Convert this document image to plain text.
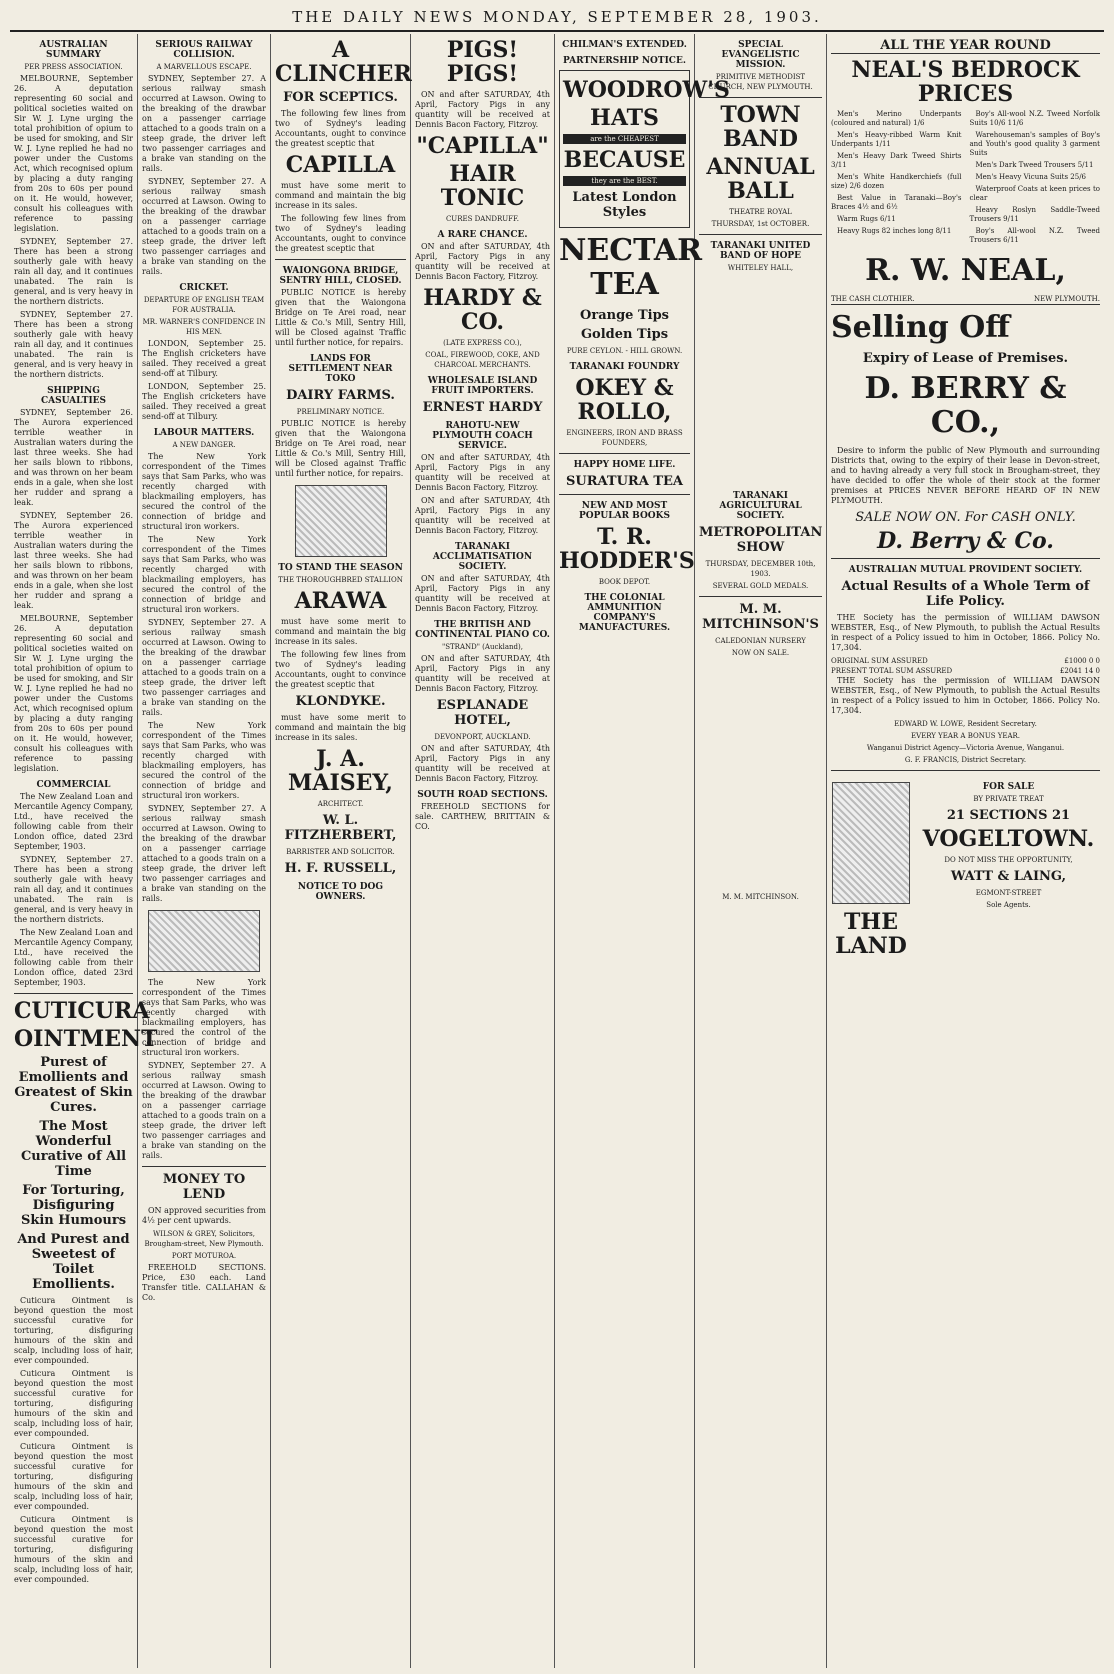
THE DAILY NEWS MONDAY, SEPTEMBER 28, 1903.
AUSTRALIAN SUMMARY
PER PRESS ASSOCIATION.

MELBOURNE, September 26. A deputation representing 60 social and political societies waited on Sir W. J. Lyne urging the total prohibition of opium to be used for smoking, and Sir W. J. Lyne replied he had no power under the Customs Act, which recognised opium by placing a duty ranging from 20s to 60s per pound on it. He would, however, consult his colleagues with reference to passing legislation.

SYDNEY, September 27. There has been a strong southerly gale with heavy rain all day, and it continues unabated. The rain is general, and is very heavy in the northern districts.

SYDNEY, September 27. There has been a strong southerly gale with heavy rain all day, and it continues unabated. The rain is general, and is very heavy in the northern districts.

SHIPPING CASUALTIES

SYDNEY, September 26. The Aurora experienced terrible weather in Australian waters during the last three weeks. She had her sails blown to ribbons, and was thrown on her beam ends in a gale, when she lost her rudder and sprang a leak.

SYDNEY, September 26. The Aurora experienced terrible weather in Australian waters during the last three weeks. She had her sails blown to ribbons, and was thrown on her beam ends in a gale, when she lost her rudder and sprang a leak.

MELBOURNE, September 26. A deputation representing 60 social and political societies waited on Sir W. J. Lyne urging the total prohibition of opium to be used for smoking, and Sir W. J. Lyne replied he had no power under the Customs Act, which recognised opium by placing a duty ranging from 20s to 60s per pound on it. He would, however, consult his colleagues with reference to passing legislation.

COMMERCIAL

The New Zealand Loan and Mercantile Agency Company, Ltd., have received the following cable from their London office, dated 23rd September, 1903.

SYDNEY, September 27. There has been a strong southerly gale with heavy rain all day, and it continues unabated. The rain is general, and is very heavy in the northern districts.

The New Zealand Loan and Mercantile Agency Company, Ltd., have received the following cable from their London office, dated 23rd September, 1903.

CUTICURA
OINTMENT
Purest of Emollients and Greatest of Skin Cures.
The Most Wonderful Curative of All Time
For Torturing, Disfiguring Skin Humours
And Purest and Sweetest of Toilet Emollients.

Cuticura Ointment is beyond question the most successful curative for torturing, disfiguring humours of the skin and scalp, including loss of hair, ever compounded.

Cuticura Ointment is beyond question the most successful curative for torturing, disfiguring humours of the skin and scalp, including loss of hair, ever compounded.

Cuticura Ointment is beyond question the most successful curative for torturing, disfiguring humours of the skin and scalp, including loss of hair, ever compounded.

Cuticura Ointment is beyond question the most successful curative for torturing, disfiguring humours of the skin and scalp, including loss of hair, ever compounded.

SERIOUS RAILWAY COLLISION.
A MARVELLOUS ESCAPE.

SYDNEY, September 27. A serious railway smash occurred at Lawson. Owing to the breaking of the drawbar on a passenger carriage attached to a goods train on a steep grade, the driver left two passenger carriages and a brake van standing on the rails.

SYDNEY, September 27. A serious railway smash occurred at Lawson. Owing to the breaking of the drawbar on a passenger carriage attached to a goods train on a steep grade, the driver left two passenger carriages and a brake van standing on the rails.

CRICKET.
DEPARTURE OF ENGLISH TEAM FOR AUSTRALIA.
MR. WARNER'S CONFIDENCE IN HIS MEN.

LONDON, September 25. The English cricketers have sailed. They received a great send-off at Tilbury.

LONDON, September 25. The English cricketers have sailed. They received a great send-off at Tilbury.

LABOUR MATTERS.
A NEW DANGER.

The New York correspondent of the Times says that Sam Parks, who was recently charged with blackmailing employers, has secured the control of the connection of bridge and structural iron workers.

The New York correspondent of the Times says that Sam Parks, who was recently charged with blackmailing employers, has secured the control of the connection of bridge and structural iron workers.

SYDNEY, September 27. A serious railway smash occurred at Lawson. Owing to the breaking of the drawbar on a passenger carriage attached to a goods train on a steep grade, the driver left two passenger carriages and a brake van standing on the rails.

The New York correspondent of the Times says that Sam Parks, who was recently charged with blackmailing employers, has secured the control of the connection of bridge and structural iron workers.

SYDNEY, September 27. A serious railway smash occurred at Lawson. Owing to the breaking of the drawbar on a passenger carriage attached to a goods train on a steep grade, the driver left two passenger carriages and a brake van standing on the rails.

The New York correspondent of the Times says that Sam Parks, who was recently charged with blackmailing employers, has secured the control of the connection of bridge and structural iron workers.

SYDNEY, September 27. A serious railway smash occurred at Lawson. Owing to the breaking of the drawbar on a passenger carriage attached to a goods train on a steep grade, the driver left two passenger carriages and a brake van standing on the rails.

MONEY TO LEND

ON approved securities from 4½ per cent upwards.

WILSON & GREY, Solicitors, Brougham-street, New Plymouth.
PORT MOTUROA.

FREEHOLD SECTIONS. Price, £30 each. Land Transfer title. CALLAHAN & Co.

A CLINCHER
FOR SCEPTICS.

The following few lines from two of Sydney's leading Accountants, ought to convince the greatest sceptic that

CAPILLA

must have some merit to command and maintain the big increase in its sales.

The following few lines from two of Sydney's leading Accountants, ought to convince the greatest sceptic that

WAIONGONA BRIDGE, SENTRY HILL, CLOSED.

PUBLIC NOTICE is hereby given that the Waiongona Bridge on Te Arei road, near Little & Co.'s Mill, Sentry Hill, will be Closed against Traffic until further notice, for repairs.

LANDS FOR SETTLEMENT NEAR TOKO
DAIRY FARMS.
PRELIMINARY NOTICE.

PUBLIC NOTICE is hereby given that the Waiongona Bridge on Te Arei road, near Little & Co.'s Mill, Sentry Hill, will be Closed against Traffic until further notice, for repairs.

TO STAND THE SEASON
THE THOROUGHBRED STALLION
ARAWA

must have some merit to command and maintain the big increase in its sales.

The following few lines from two of Sydney's leading Accountants, ought to convince the greatest sceptic that

KLONDYKE.

must have some merit to command and maintain the big increase in its sales.

J. A. MAISEY,
ARCHITECT.
W. L. FITZHERBERT,
BARRISTER AND SOLICITOR.
H. F. RUSSELL,
NOTICE TO DOG OWNERS.
PIGS! PIGS!

ON and after SATURDAY, 4th April, Factory Pigs in any quantity will be received at Dennis Bacon Factory, Fitzroy.

"CAPILLA"
HAIR TONIC
CURES DANDRUFF.
A RARE CHANCE.

ON and after SATURDAY, 4th April, Factory Pigs in any quantity will be received at Dennis Bacon Factory, Fitzroy.

HARDY & CO.
(LATE EXPRESS CO.),
COAL, FIREWOOD, COKE, AND CHARCOAL MERCHANTS.
WHOLESALE ISLAND FRUIT IMPORTERS.
ERNEST HARDY
RAHOTU-NEW PLYMOUTH COACH SERVICE.

ON and after SATURDAY, 4th April, Factory Pigs in any quantity will be received at Dennis Bacon Factory, Fitzroy.

ON and after SATURDAY, 4th April, Factory Pigs in any quantity will be received at Dennis Bacon Factory, Fitzroy.

TARANAKI ACCLIMATISATION SOCIETY.

ON and after SATURDAY, 4th April, Factory Pigs in any quantity will be received at Dennis Bacon Factory, Fitzroy.

THE BRITISH AND CONTINENTAL PIANO CO.
"STRAND" (Auckland),

ON and after SATURDAY, 4th April, Factory Pigs in any quantity will be received at Dennis Bacon Factory, Fitzroy.

ESPLANADE HOTEL,
DEVONPORT, AUCKLAND.

ON and after SATURDAY, 4th April, Factory Pigs in any quantity will be received at Dennis Bacon Factory, Fitzroy.

SOUTH ROAD SECTIONS.

FREEHOLD SECTIONS for sale. CARTHEW, BRITTAIN & CO.

CHILMAN'S EXTENDED.
PARTNERSHIP NOTICE.
WOODROW'S
HATS
are the CHEAPEST
BECAUSE
they are the BEST.
Latest London Styles
NECTAR TEA
Orange Tips
Golden Tips
PURE CEYLON. - HILL GROWN.
TARANAKI FOUNDRY
OKEY & ROLLO,
ENGINEERS, IRON AND BRASS FOUNDERS,
HAPPY HOME LIFE.
SURATURA TEA
NEW AND MOST POPULAR BOOKS
T. R. HODDER'S
BOOK DEPOT.
THE COLONIAL AMMUNITION COMPANY'S MANUFACTURES.
SPECIAL EVANGELISTIC MISSION.
PRIMITIVE METHODIST CHURCH, NEW PLYMOUTH.
TOWN BAND
ANNUAL BALL
THEATRE ROYAL
THURSDAY, 1st OCTOBER.
TARANAKI UNITED BAND OF HOPE
WHITELEY HALL,
TARANAKI AGRICULTURAL SOCIETY.
METROPOLITAN SHOW
THURSDAY, DECEMBER 10th, 1903.
SEVERAL GOLD MEDALS.
M. M. MITCHINSON'S
CALEDONIAN NURSERY
NOW ON SALE.
M. M. MITCHINSON.
ALL THE YEAR ROUND
NEAL'S BEDROCK PRICES

Men's Merino Underpants (coloured and natural) 1/6

Men's Heavy-ribbed Warm Knit Underpants 1/11

Men's Heavy Dark Tweed Shirts 3/11

Men's White Handkerchiefs (full size) 2/6 dozen

Best Value in Taranaki—Boy's Braces 4½ and 6½

Warm Rugs 6/11

Heavy Rugs 82 inches long 8/11

Boy's All-wool N.Z. Tweed Norfolk Suits 10/6 11/6

Warehouseman's samples of Boy's and Youth's good quality 3 garment Suits

Men's Dark Tweed Trousers 5/11

Men's Heavy Vicuna Suits 25/6

Waterproof Coats at keen prices to clear

Heavy Roslyn Saddle-Tweed Trousers 9/11

Boy's All-wool N.Z. Tweed Trousers 6/11

R. W. NEAL,
THE CASH CLOTHIER.	NEW PLYMOUTH.
Selling Off
Expiry of Lease of Premises.
D. BERRY & CO.,

Desire to inform the public of New Plymouth and surrounding Districts that, owing to the expiry of their lease in Devon-street, and to having already a very full stock in Brougham-street, they have decided to offer the whole of their stock at the former premises at PRICES NEVER BEFORE HEARD OF IN NEW PLYMOUTH.

SALE NOW ON. For CASH ONLY.
D. Berry & Co.
AUSTRALIAN MUTUAL PROVIDENT SOCIETY.
Actual Results of a Whole Term of Life Policy.

THE Society has the permission of WILLIAM DAWSON WEBSTER, Esq., of New Plymouth, to publish the Actual Results in respect of a Policy issued to him in October, 1866. Policy No. 17,304.

ORIGINAL SUM ASSURED	£1000 0 0
PRESENT TOTAL SUM ASSURED	£2041 14 0

THE Society has the permission of WILLIAM DAWSON WEBSTER, Esq., of New Plymouth, to publish the Actual Results in respect of a Policy issued to him in October, 1866. Policy No. 17,304.

EDWARD W. LOWE, Resident Secretary.
EVERY YEAR A BONUS YEAR.
Wanganui District Agency—Victoria Avenue, Wanganui.
G. F. FRANCIS, District Secretary.
THE LAND
FOR SALE
BY PRIVATE TREAT
21 SECTIONS 21
VOGELTOWN.
DO NOT MISS THE OPPORTUNITY,
WATT & LAING,
EGMONT-STREET
Sole Agents.
